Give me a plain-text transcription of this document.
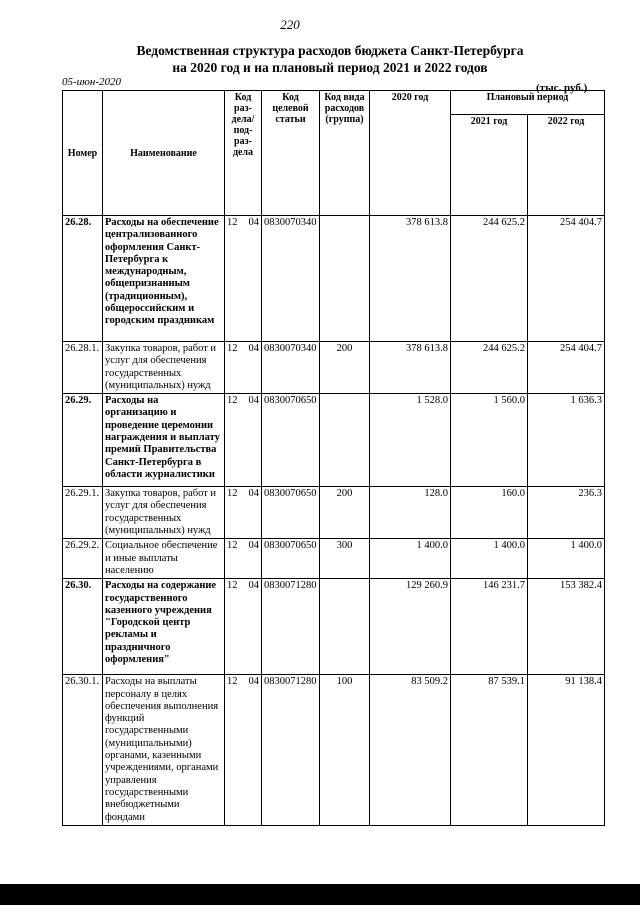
220
Ведомственная структура расходов бюджета Санкт-Петербурга
на 2020 год и на плановый период 2021 и 2022 годов
05-июн-2020	(тыс. руб.)
Номер	Наименование	Код раз-дела/ под-раз-дела	Код целевой статьи	Код вида расходов (группа)	2020 год	Плановый период	
						2021 год	2022 год
26.28.	Расходы на обеспечение централизованного оформления Санкт-Петербурга к международным, общепризнанным (традиционным), общероссийским и городским праздникам	12 04	0830070340		378 613.8	244 625.2	254 404.7
26.28.1.	Закупка товаров, работ и услуг для обеспечения государственных (муниципальных) нужд	12 04	0830070340	200	378 613.8	244 625.2	254 404.7
26.29.	Расходы на организацию и проведение церемонии награждения и выплату премий Правительства Санкт-Петербурга в области журналистики	12 04	0830070650		1 528.0	1 560.0	1 636.3
26.29.1.	Закупка товаров, работ и услуг для обеспечения государственных (муниципальных) нужд	12 04	0830070650	200	128.0	160.0	236.3
26.29.2.	Социальное обеспечение и иные выплаты населению	12 04	0830070650	300	1 400.0	1 400.0	1 400.0
26.30.	Расходы на содержание государственного казенного учреждения "Городской центр рекламы и праздничного оформления"	12 04	0830071280		129 260.9	146 231.7	153 382.4
26.30.1.	Расходы на выплаты персоналу в целях обеспечения выполнения функций государственными (муниципальными) органами, казенными учреждениями, органами управления государственными внебюджетными фондами	12 04	0830071280	100	83 509.2	87 539.1	91 138.4
